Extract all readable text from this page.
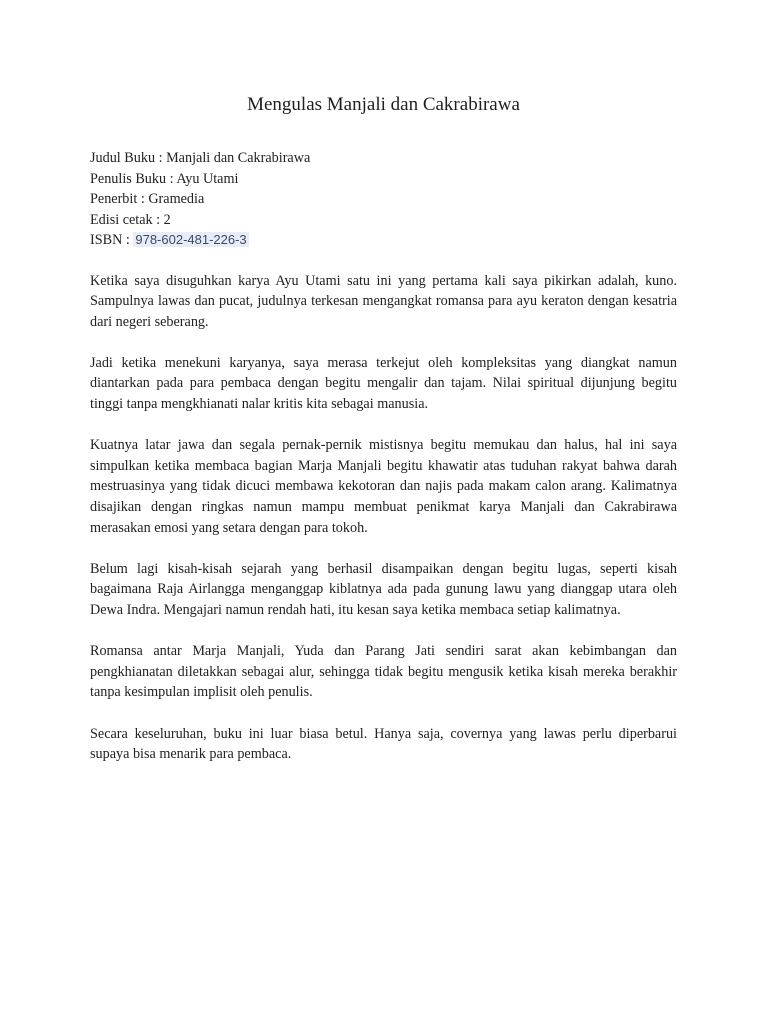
Mengulas Manjali dan Cakrabirawa
Judul Buku : Manjali dan Cakrabirawa
Penulis Buku : Ayu Utami
Penerbit : Gramedia
Edisi cetak : 2
ISBN : 978-602-481-226-3

Ketika saya disuguhkan karya Ayu Utami satu ini yang pertama kali saya pikirkan adalah, kuno. Sampulnya lawas dan pucat, judulnya terkesan mengangkat romansa para ayu keraton dengan kesatria dari negeri seberang.

Jadi ketika menekuni karyanya, saya merasa terkejut oleh kompleksitas yang diangkat namun diantarkan pada para pembaca dengan begitu mengalir dan tajam. Nilai spiritual dijunjung begitu tinggi tanpa mengkhianati nalar kritis kita sebagai manusia.

Kuatnya latar jawa dan segala pernak-pernik mistisnya begitu memukau dan halus, hal ini saya simpulkan ketika membaca bagian Marja Manjali begitu khawatir atas tuduhan rakyat bahwa darah mestruasinya yang tidak dicuci membawa kekotoran dan najis pada makam calon arang. Kalimatnya disajikan dengan ringkas namun mampu membuat penikmat karya Manjali dan Cakrabirawa merasakan emosi yang setara dengan para tokoh.

Belum lagi kisah-kisah sejarah yang berhasil disampaikan dengan begitu lugas, seperti kisah bagaimana Raja Airlangga menganggap kiblatnya ada pada gunung lawu yang dianggap utara oleh Dewa Indra. Mengajari namun rendah hati, itu kesan saya ketika membaca setiap kalimatnya.

Romansa antar Marja Manjali, Yuda dan Parang Jati sendiri sarat akan kebimbangan dan pengkhianatan diletakkan sebagai alur, sehingga tidak begitu mengusik ketika kisah mereka berakhir tanpa kesimpulan implisit oleh penulis.

Secara keseluruhan, buku ini luar biasa betul. Hanya saja, covernya yang lawas perlu diperbarui supaya bisa menarik para pembaca.
